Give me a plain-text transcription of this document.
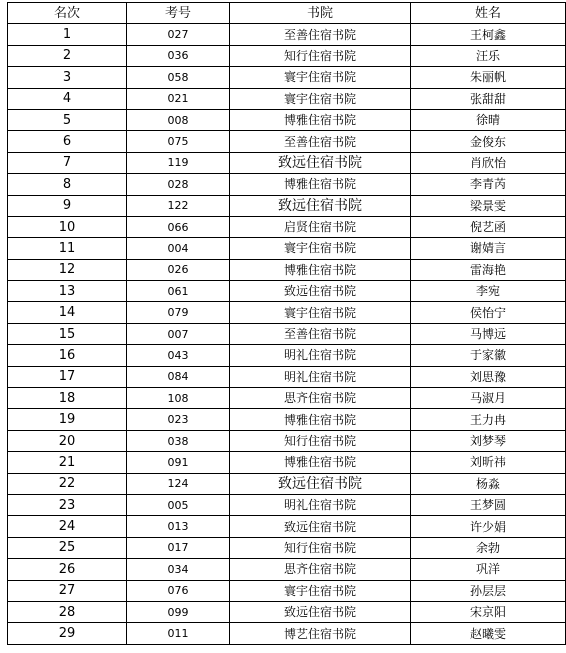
名次	考号	书院	姓名
1	027	至善住宿书院	王柯鑫
2	036	知行住宿书院	汪乐
3	058	寰宇住宿书院	朱丽帆
4	021	寰宇住宿书院	张甜甜
5	008	博雅住宿书院	徐晴
6	075	至善住宿书院	金俊东
7	119	致远住宿书院	肖欣怡
8	028	博雅住宿书院	李青芮
9	122	致远住宿书院	梁景雯
10	066	启贤住宿书院	倪艺函
11	004	寰宇住宿书院	谢婧言
12	026	博雅住宿书院	雷海艳
13	061	致远住宿书院	李宛
14	079	寰宇住宿书院	侯怡宁
15	007	至善住宿书院	马博远
16	043	明礼住宿书院	于家徽
17	084	明礼住宿书院	刘思豫
18	108	思齐住宿书院	马淑月
19	023	博雅住宿书院	王力冉
20	038	知行住宿书院	刘梦琴
21	091	博雅住宿书院	刘昕祎
22	124	致远住宿书院	杨淼
23	005	明礼住宿书院	王梦圆
24	013	致远住宿书院	许少娟
25	017	知行住宿书院	余勃
26	034	思齐住宿书院	巩洋
27	076	寰宇住宿书院	孙层层
28	099	致远住宿书院	宋京阳
29	011	博艺住宿书院	赵曦雯
